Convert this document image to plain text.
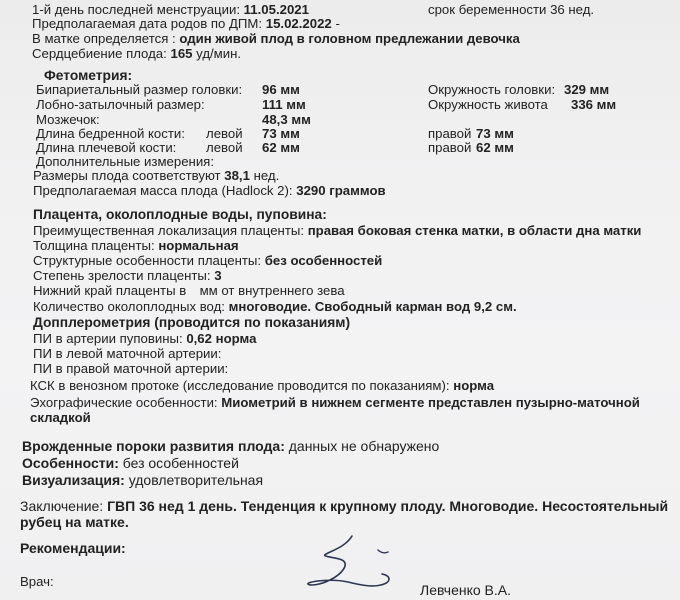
1-й день последней менструации: 11.05.2021	срок беременности 36 нед.
Предполагаемая дата родов по ДПМ: 15.02.2022 -
В матке определяется : один живой плод в головном предлежании девочка
Сердцебиение плода: 165 уд/мин.
Фетометрия:
Бипариетальный размер головки: 96 мм	Окружность головки: 329 мм
Лобно-затылочный размер:	111 мм	Окружность живота 336 мм
Мозжечок:	48,3 мм
Длина бедренной кости: левой 73 мм	правой 73 мм
Длина плечевой кости: левой 62 мм	правой 62 мм
Дополнительные измерения:
Размеры плода соответствуют 38,1 нед.
Предполагаемая масса плода (Hadlock 2): 3290 граммов
Плацента, околоплодные воды, пуповина:
Преимущественная локализация плаценты: правая боковая стенка матки, в области дна матки
Толщина плаценты: нормальная
Структурные особенности плаценты: без особенностей
Степень зрелости плаценты: 3
Нижний край плаценты в мм от внутреннего зева
Количество околоплодных вод: многоводие. Свободный карман вод 9,2 см.
Допплерометрия (проводится по показаниям)
ПИ в артерии пуповины: 0,62 норма
ПИ в левой маточной артерии:
ПИ в правой маточной артерии:
КСК в венозном протоке (исследование проводится по показаниям): норма
Эхографические особенности: Миометрий в нижнем сегменте представлен пузырно-маточной
складкой
Врожденные пороки развития плода: данных не обнаружено
Особенности: без особенностей
Визуализация: удовлетворительная
Заключение: ГВП 36 нед 1 день. Тенденция к крупному плоду. Многоводие. Несостоятельный
рубец на матке.
Рекомендации:
Врач:
Левченко В.А.
